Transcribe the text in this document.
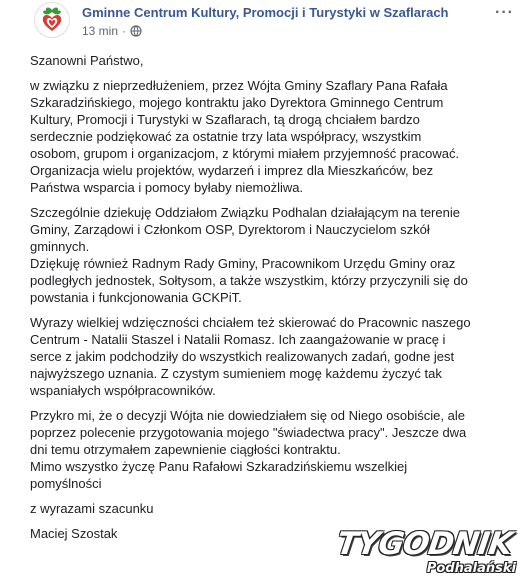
Gminne Centrum Kultury, Promocji i Turystyki w Szaflarach
13 min ·
···

Szanowni Państwo,

w związku z nieprzedłużeniem, przez Wójta Gminy Szaflary Pana Rafała
Szkaradzińskiego, mojego kontraktu jako Dyrektora Gminnego Centrum
Kultury, Promocji i Turystyki w Szaflarach, tą drogą chciałem bardzo
serdecznie podziękować za ostatnie trzy lata współpracy, wszystkim
osobom, grupom i organizacjom, z którymi miałem przyjemność pracować.
Organizacja wielu projektów, wydarzeń i imprez dla Mieszkańców, bez
Państwa wsparcia i pomocy byłaby niemożliwa.

Szczególnie dziekuję Oddziałom Związku Podhalan działającym na terenie
Gminy, Zarządowi i Członkom OSP, Dyrektorom i Nauczycielom szkół
gminnych.

Dziękuję również Radnym Rady Gminy, Pracownikom Urzędu Gminy oraz
podległych jednostek, Sołtysom, a także wszystkim, którzy przyczynili się do
powstania i funkcjonowania GCKPiT.

Wyrazy wielkiej wdzięczności chciałem też skierować do Pracownic naszego
Centrum - Natalii Staszel i Natalii Romasz. Ich zaangażowanie w pracę i
serce z jakim podchodziły do wszystkich realizowanych zadań, godne jest
najwyższego uznania. Z czystym sumieniem mogę każdemu życzyć tak
wspaniałych współpracowników.

Przykro mi, że o decyzji Wójta nie dowiedziałem się od Niego osobiście, ale
poprzez polecenie przygotowania mojego "świadectwa pracy". Jeszcze dwa
dni temu otrzymałem zapewnienie ciągłości kontraktu.
Mimo wszystko życzę Panu Rafałowi Szkaradzińskiemu wszelkiej
pomyślności

z wyrazami szacunku

Maciej Szostak	TYGODNIK
Podhalański
